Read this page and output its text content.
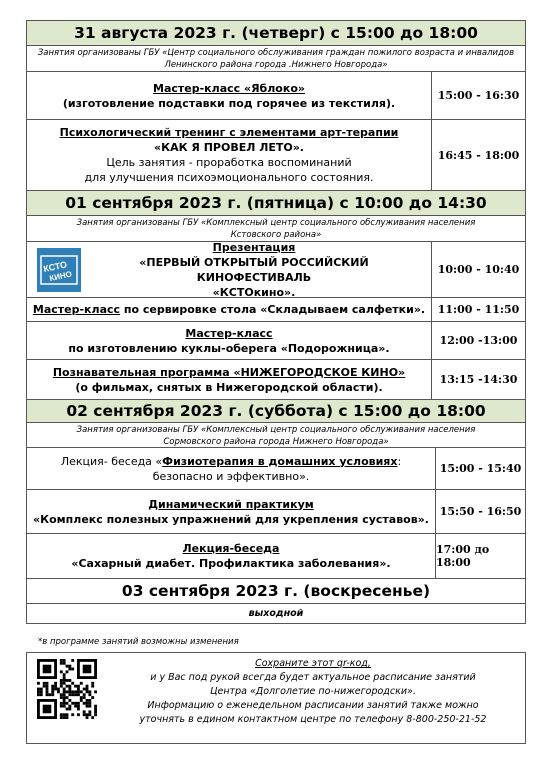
31 августа 2023 г. (четверг) с 15:00 до 18:00
Занятия организованы ГБУ «Центр социального обслуживания граждан пожилого возраста и инвалидов
Ленинского района города .Нижнего Новгорода»
Мастер-класс «Яблоко»
(изготовление подставки под горячее из текстиля).
15:00 - 16:30
Психологический тренинг с элементами арт-терапии
«КАК Я ПРОВЕЛ ЛЕТО».
Цель занятия - проработка воспоминаний
для улучшения психоэмоционального состояния.
16:45 - 18:00
01 сентября 2023 г. (пятница) с 10:00 до 14:30
Занятия организованы ГБУ «Комплексный центр социального обслуживания населения
Кстовского района»
КСТО
КИНО
Презентация
«ПЕРВЫЙ ОТКРЫТЫЙ РОССИЙСКИЙ КИНОФЕСТИВАЛЬ
«КСТОкино».
10:00 - 10:40
Мастер-класс по сервировке стола «Складываем салфетки».	11:00 - 11:50
Мастер-класс
по изготовлению куклы-оберега «Подорожница».
12:00 -13:00
Познавательная программа «НИЖЕГОРОДСКОЕ КИНО»
(о фильмах, снятых в Нижегородской области).
13:15 -14:30
02 сентября 2023 г. (суббота) с 15:00 до 18:00
Занятия организованы ГБУ «Комплексный центр социального обслуживания населения
Сормовского района города Нижнего Новгорода»
Лекция- беседа «Физиотерапия в домашних условиях:
безопасно и эффективно».
15:00 - 15:40
Динамический практикум
«Комплекс полезных упражнений для укрепления суставов».
15:50 - 16:50
Лекция-беседа
«Сахарный диабет. Профилактика заболевания».
17:00 до 18:00
03 сентября 2023 г. (воскресенье)
выходной
*в программе занятий возможны изменения
Сохраните этот qr-код,
и у Вас под рукой всегда будет актуальное расписание занятий
Центра «Долголетие по-нижегородски».
Информацию о еженедельном расписании занятий также можно
уточнять в едином контактном центре по телефону 8-800-250-21-52
